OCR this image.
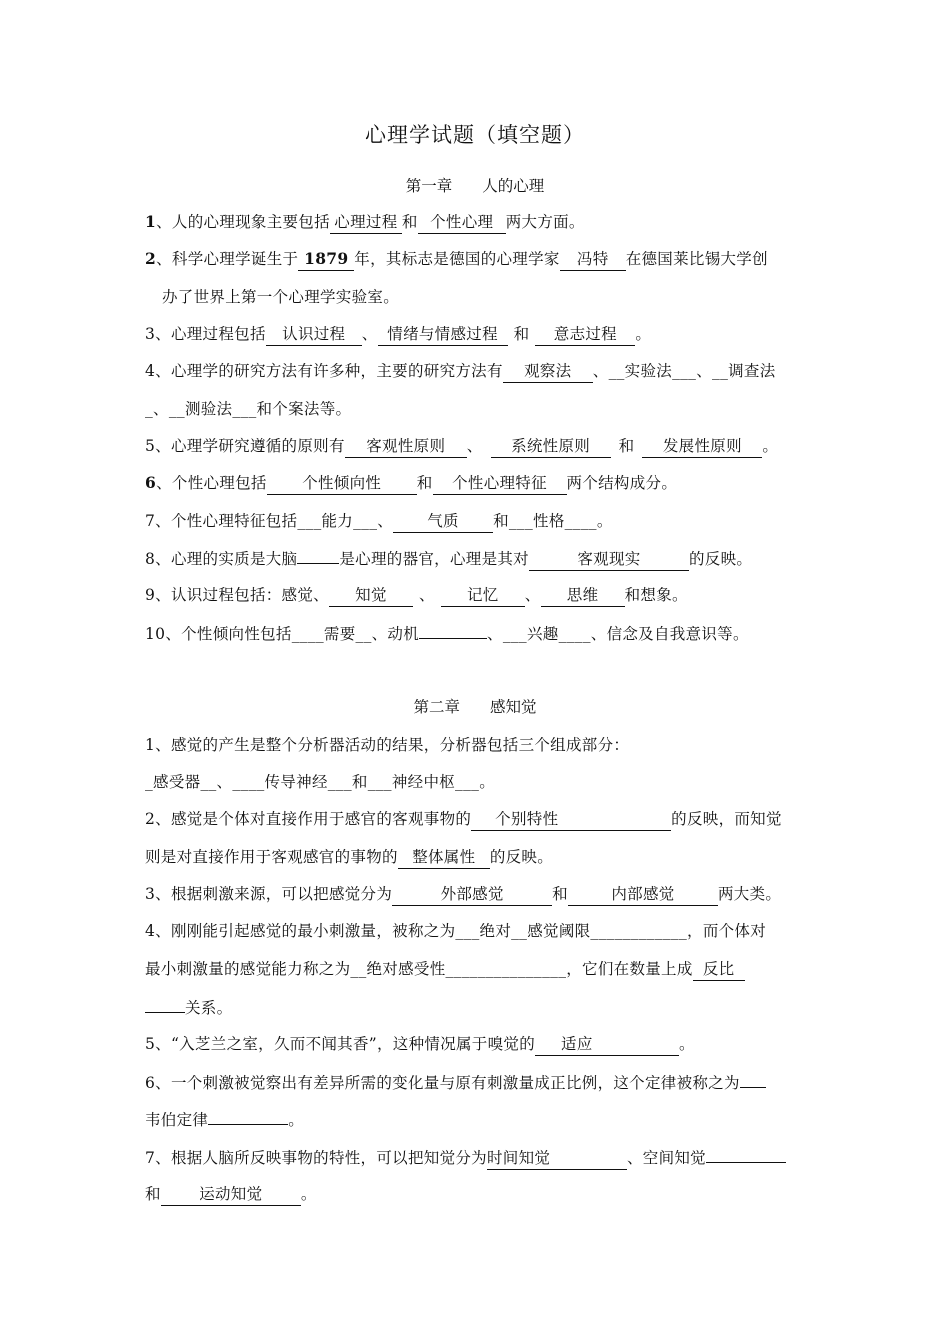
心理学试题（填空题）
第一章 人的心理
1、人的心理现象主要包括 心理过程 和 个性心理 两大方面。
2、科学心理学诞生于 1879 年，其标志是德国的心理学家 冯特 在德国莱比锡大学创
办了世界上第一个心理学实验室。
3、心理过程包括 认识过程 、 情绪与情感过程 和 意志过程 。
4、心理学的研究方法有许多种，主要的研究方法有 观察法 、__实验法___、__调查法
_、__测验法___和个案法等。
5、心理学研究遵循的原则有 客观性原则 、 系统性原则 和 发展性原则 。
6、个性心理包括 个性倾向性 和 个性心理特征 两个结构成分。
7、个性心理特征包括___能力___、 气质 和___性格____。
8、心理的实质是大脑	是心理的器官，心理是其对	客观现实	的反映。
9、认识过程包括：感觉、 知觉 、 记忆 、 思维 和想象。
10、个性倾向性包括____需要__、动机	、___兴趣____、信念及自我意识等。
第二章 感知觉
1、感觉的产生是整个分析器活动的结果，分析器包括三个组成部分：
_感受器__、____传导神经___和___神经中枢___。
2、感觉是个体对直接作用于感官的客观事物的 个别特性	的反映，而知觉
则是对直接作用于客观感官的事物的 整体属性 的反映。
3、根据刺激来源，可以把感觉分为	外部感觉	和	内部感觉	两大类。
4、刚刚能引起感觉的最小刺激量，被称之为___绝对__感觉阈限____________，而个体对
最小刺激量的感觉能力称之为__绝对感受性_______________，它们在数量上成 反比
关系。
5、“入芝兰之室，久而不闻其香”，这种情况属于嗅觉的 适应	。
6、一个刺激被觉察出有差异所需的变化量与原有刺激量成正比例，这个定律被称之为
韦伯定律	。
7、根据人脑所反映事物的特性，可以把知觉分为时间知觉	、空间知觉
和 运动知觉 。
